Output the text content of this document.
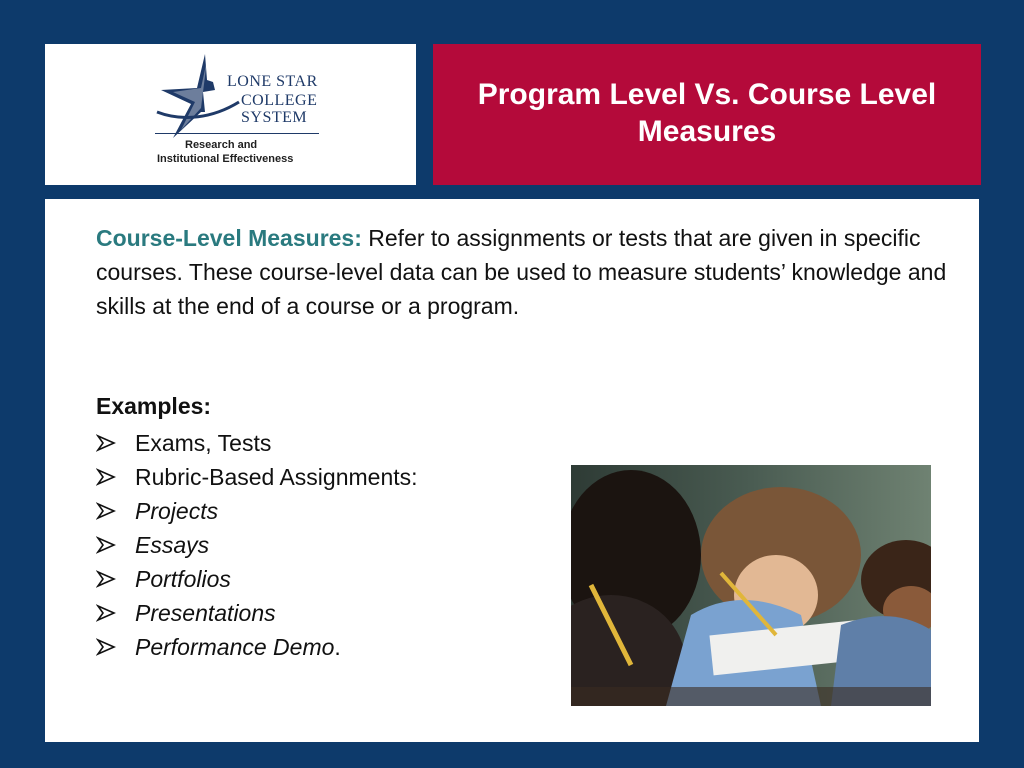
LONE STAR
COLLEGE
SYSTEM
Research and
Institutional Effectiveness
Program Level Vs. Course Level Measures
Course-Level Measures: Refer to assignments or tests that are given in specific courses. These course-level data can be used to measure students’ knowledge and skills at the end of a course or a program.
Examples:
Exams, Tests
Rubric-Based Assignments:
Projects
Essays
Portfolios
Presentations
Performance Demo .
